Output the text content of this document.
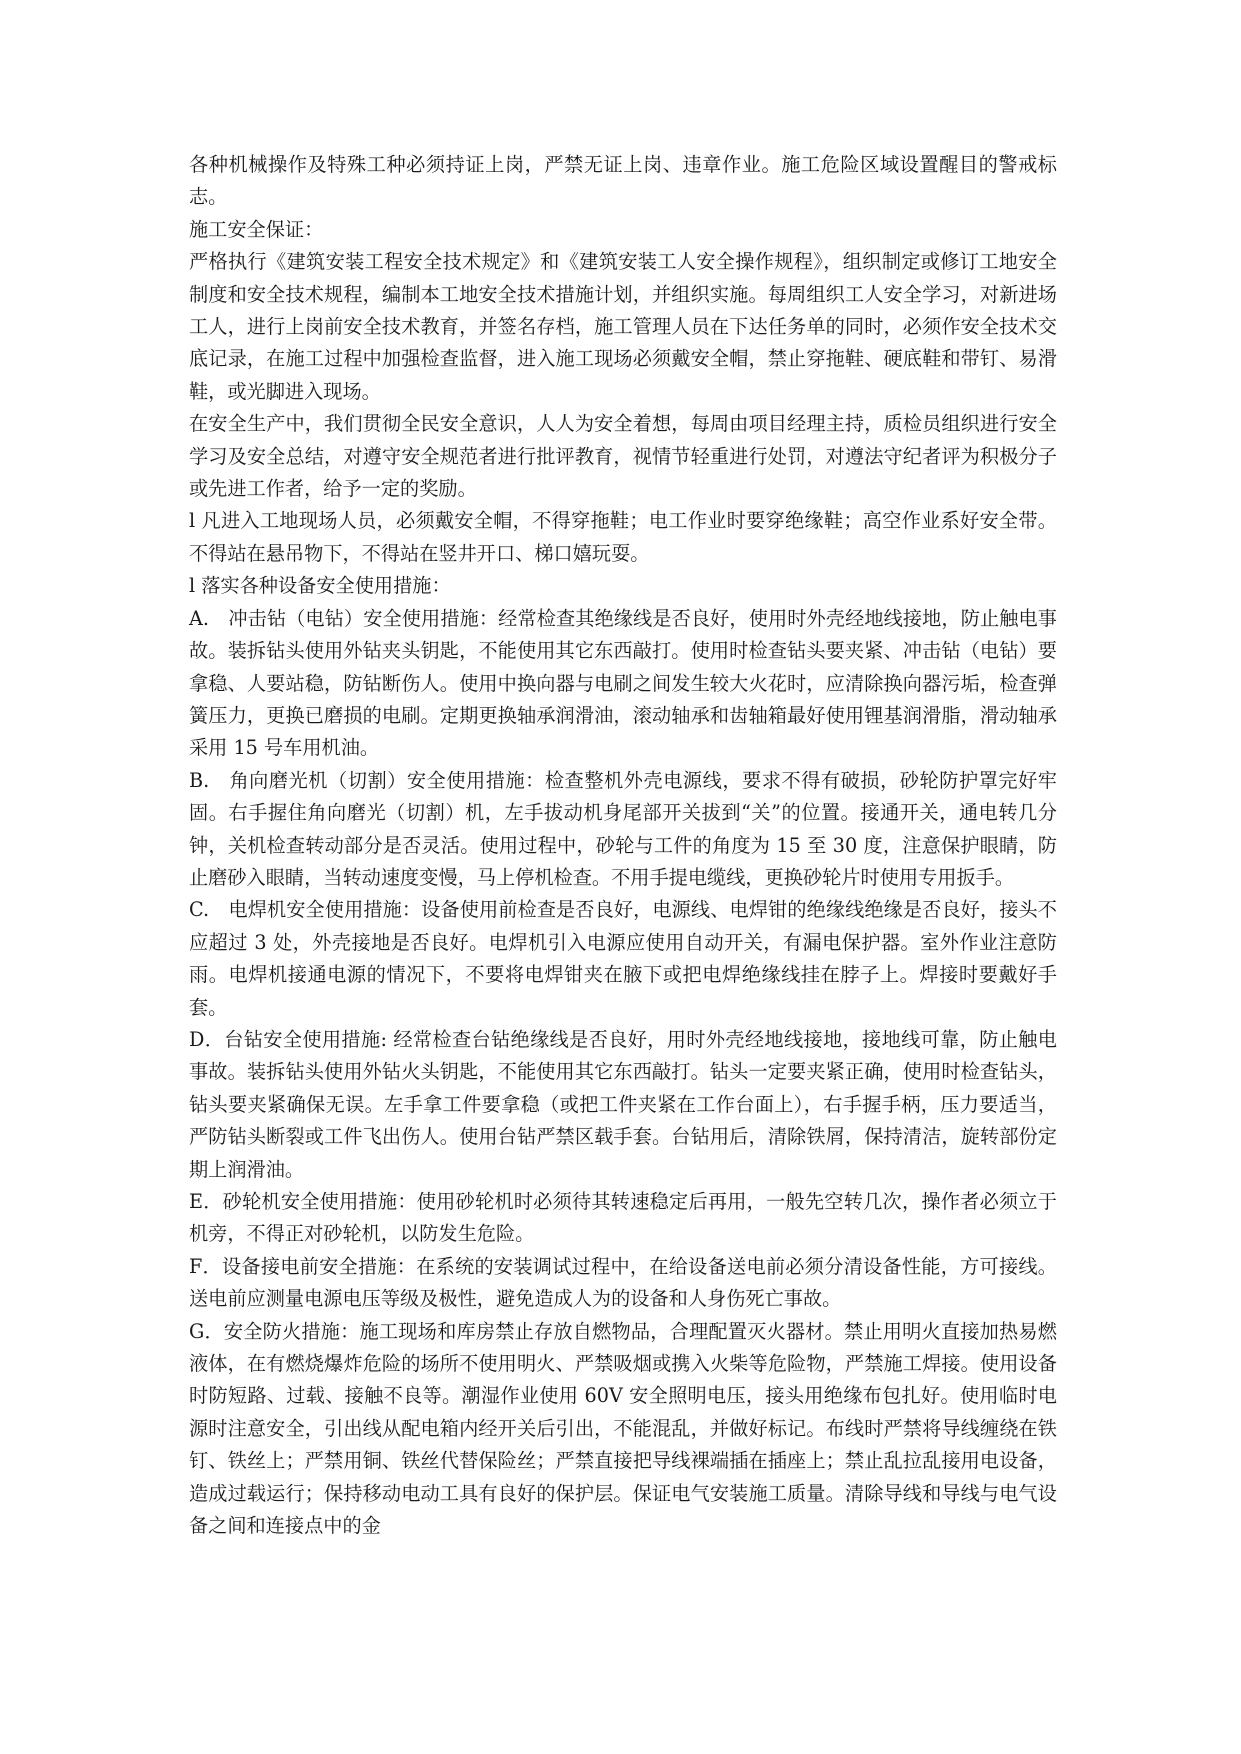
各种机械操作及特殊工种必须持证上岗，严禁无证上岗、违章作业。施工危险区域设置醒目的警戒标志。

施工安全保证：

严格执行《建筑安装工程安全技术规定》和《建筑安装工人安全操作规程》，组织制定或修订工地安全制度和安全技术规程，编制本工地安全技术措施计划，并组织实施。每周组织工人安全学习，对新进场工人，进行上岗前安全技术教育，并签名存档，施工管理人员在下达任务单的同时，必须作安全技术交底记录，在施工过程中加强检查监督，进入施工现场必须戴安全帽，禁止穿拖鞋、硬底鞋和带钉、易滑鞋，或光脚进入现场。

在安全生产中，我们贯彻全民安全意识，人人为安全着想，每周由项目经理主持，质检员组织进行安全学习及安全总结，对遵守安全规范者进行批评教育，视情节轻重进行处罚，对遵法守纪者评为积极分子或先进工作者，给予一定的奖励。

l 凡进入工地现场人员，必须戴安全帽，不得穿拖鞋；电工作业时要穿绝缘鞋；高空作业系好安全带。不得站在悬吊物下，不得站在竖井开口、梯口嬉玩耍。

l 落实各种设备安全使用措施：

A.　冲击钻（电钻）安全使用措施：经常检查其绝缘线是否良好，使用时外壳经地线接地，防止触电事故。装拆钻头使用外钻夹头钥匙，不能使用其它东西敲打。使用时检查钻头要夹紧、冲击钻（电钻）要拿稳、人要站稳，防钻断伤人。使用中换向器与电刷之间发生较大火花时，应清除换向器污垢，检查弹簧压力，更换已磨损的电刷。定期更换轴承润滑油，滚动轴承和齿轴箱最好使用锂基润滑脂，滑动轴承采用 15 号车用机油。

B.　角向磨光机（切割）安全使用措施：检查整机外壳电源线，要求不得有破损，砂轮防护罩完好牢固。右手握住角向磨光（切割）机，左手拔动机身尾部开关拔到“关”的位置。接通开关，通电转几分钟，关机检查转动部分是否灵活。使用过程中，砂轮与工件的角度为 15 至 30 度，注意保护眼睛，防止磨砂入眼睛，当转动速度变慢，马上停机检查。不用手提电缆线，更换砂轮片时使用专用扳手。

C.　电焊机安全使用措施：设备使用前检查是否良好，电源线、电焊钳的绝缘线绝缘是否良好，接头不应超过 3 处，外壳接地是否良好。电焊机引入电源应使用自动开关，有漏电保护器。室外作业注意防雨。电焊机接通电源的情况下，不要将电焊钳夹在腋下或把电焊绝缘线挂在脖子上。焊接时要戴好手套。

D．台钻安全使用措施: 经常检查台钻绝缘线是否良好，用时外壳经地线接地，接地线可靠，防止触电事故。装拆钻头使用外钻火头钥匙，不能使用其它东西敲打。钻头一定要夹紧正确，使用时检查钻头，钻头要夹紧确保无误。左手拿工件要拿稳（或把工件夹紧在工作台面上），右手握手柄，压力要适当，严防钻头断裂或工件飞出伤人。使用台钻严禁区载手套。台钻用后，清除铁屑，保持清洁，旋转部份定期上润滑油。

E．砂轮机安全使用措施：使用砂轮机时必须待其转速稳定后再用，一般先空转几次，操作者必须立于机旁，不得正对砂轮机，以防发生危险。

F．设备接电前安全措施：在系统的安装调试过程中，在给设备送电前必须分清设备性能，方可接线。送电前应测量电源电压等级及极性，避免造成人为的设备和人身伤死亡事故。

G．安全防火措施：施工现场和库房禁止存放自燃物品，合理配置灭火器材。禁止用明火直接加热易燃液体，在有燃烧爆炸危险的场所不使用明火、严禁吸烟或携入火柴等危险物，严禁施工焊接。使用设备时防短路、过载、接触不良等。潮湿作业使用 60V 安全照明电压，接头用绝缘布包扎好。使用临时电源时注意安全，引出线从配电箱内经开关后引出，不能混乱，并做好标记。布线时严禁将导线缠绕在铁钉、铁丝上；严禁用铜、铁丝代替保险丝；严禁直接把导线裸端插在插座上；禁止乱拉乱接用电设备，造成过载运行；保持移动电动工具有良好的保护层。保证电气安装施工质量。清除导线和导线与电气设备之间和连接点中的金
